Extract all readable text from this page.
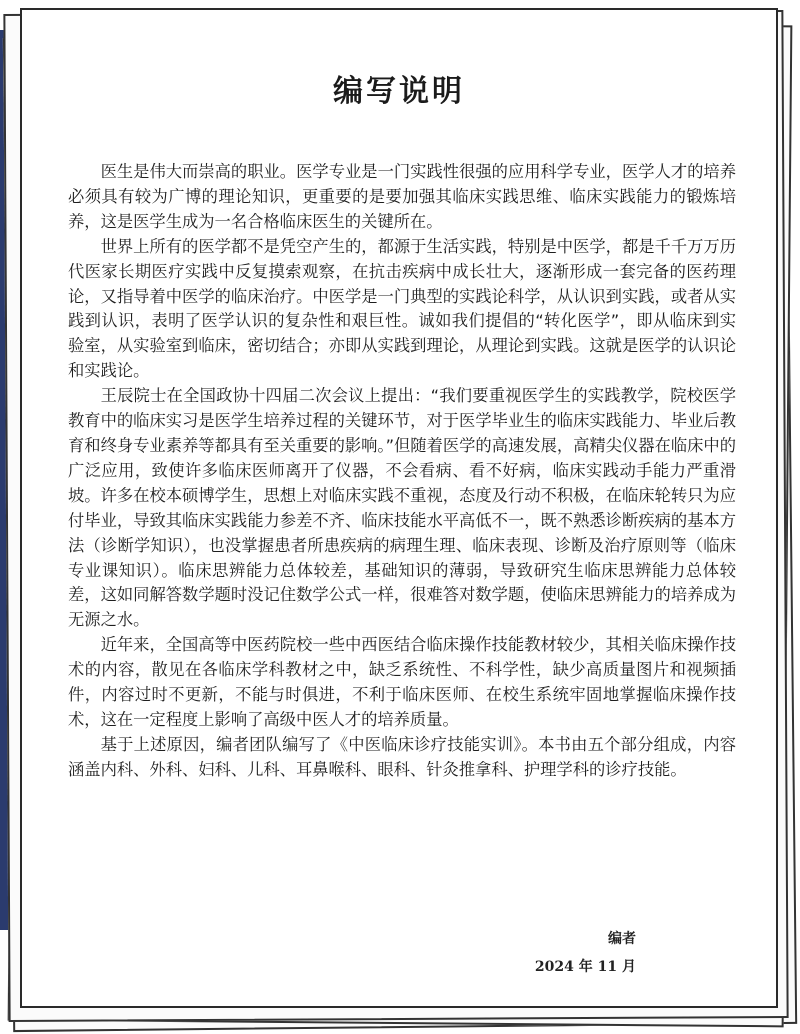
编写说明

医生是伟大而崇高的职业。医学专业是一门实践性很强的应用科学专业，医学人才的培养必须具有较为广博的理论知识，更重要的是要加强其临床实践思维、临床实践能力的锻炼培养，这是医学生成为一名合格临床医生的关键所在。

世界上所有的医学都不是凭空产生的，都源于生活实践，特别是中医学，都是千千万万历代医家长期医疗实践中反复摸索观察，在抗击疾病中成长壮大，逐渐形成一套完备的医药理论，又指导着中医学的临床治疗。中医学是一门典型的实践论科学，从认识到实践，或者从实践到认识，表明了医学认识的复杂性和艰巨性。诚如我们提倡的“转化医学”，即从临床到实验室，从实验室到临床，密切结合；亦即从实践到理论，从理论到实践。这就是医学的认识论和实践论。

王辰院士在全国政协十四届二次会议上提出：“我们要重视医学生的实践教学，院校医学教育中的临床实习是医学生培养过程的关键环节，对于医学毕业生的临床实践能力、毕业后教育和终身专业素养等都具有至关重要的影响。”但随着医学的高速发展，高精尖仪器在临床中的广泛应用，致使许多临床医师离开了仪器，不会看病、看不好病，临床实践动手能力严重滑坡。许多在校本硕博学生，思想上对临床实践不重视，态度及行动不积极，在临床轮转只为应付毕业，导致其临床实践能力参差不齐、临床技能水平高低不一，既不熟悉诊断疾病的基本方法（诊断学知识），也没掌握患者所患疾病的病理生理、临床表现、诊断及治疗原则等（临床专业课知识）。临床思辨能力总体较差，基础知识的薄弱，导致研究生临床思辨能力总体较差，这如同解答数学题时没记住数学公式一样，很难答对数学题，使临床思辨能力的培养成为无源之水。

近年来，全国高等中医药院校一些中西医结合临床操作技能教材较少，其相关临床操作技术的内容，散见在各临床学科教材之中，缺乏系统性、不科学性，缺少高质量图片和视频插件，内容过时不更新，不能与时俱进，不利于临床医师、在校生系统牢固地掌握临床操作技术，这在一定程度上影响了高级中医人才的培养质量。

基于上述原因，编者团队编写了《中医临床诊疗技能实训》。本书由五个部分组成，内容涵盖内科、外科、妇科、儿科、耳鼻喉科、眼科、针灸推拿科、护理学科的诊疗技能。

编者
2024 年 11 月
